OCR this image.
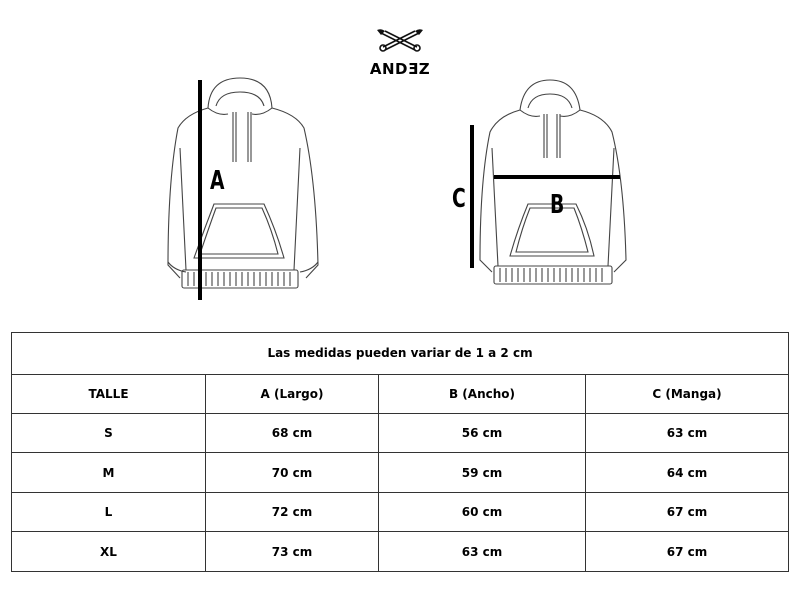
ANDƎZ
A
B
C
Las medidas pueden variar de 1 a 2 cm			
TALLE	A (Largo)	B (Ancho)	C (Manga)
S	68 cm	56 cm	63 cm
M	70 cm	59 cm	64 cm
L	72 cm	60 cm	67 cm
XL	73 cm	63 cm	67 cm
